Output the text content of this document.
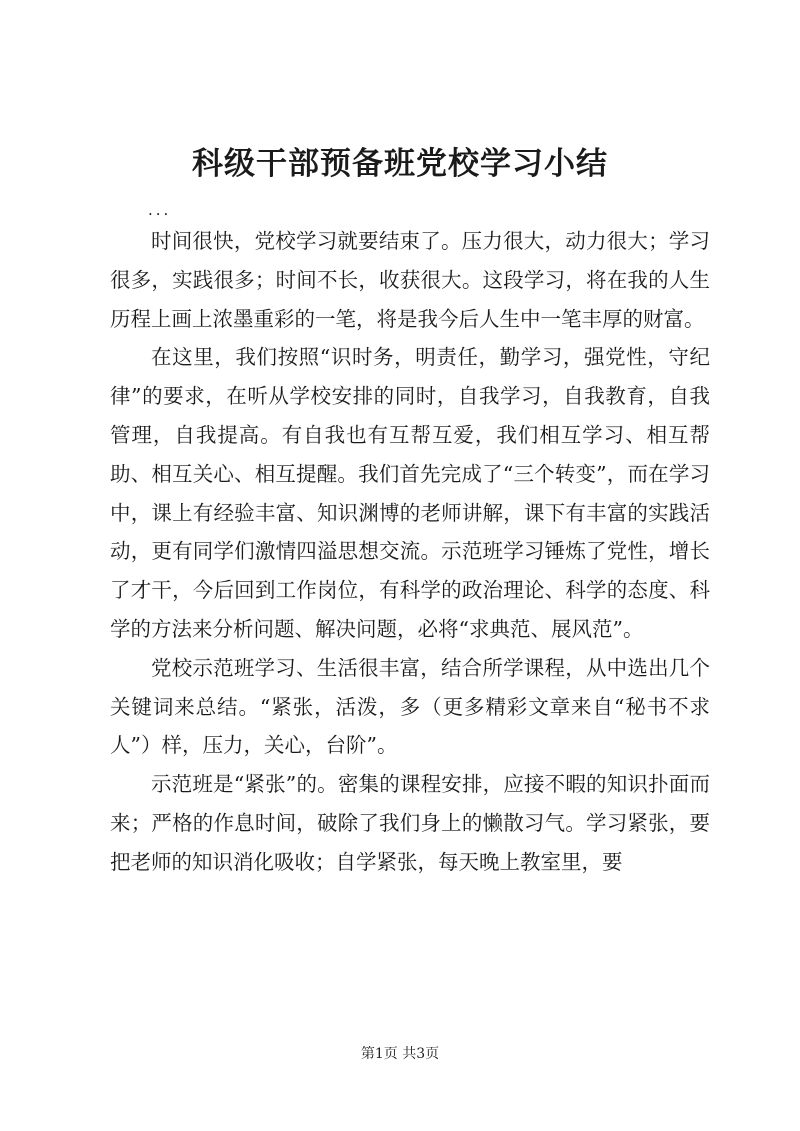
科级干部预备班党校学习小结
...

时间很快，党校学习就要结束了。压力很大，动力很大；学习很多，实践很多；时间不长，收获很大。这段学习，将在我的人生历程上画上浓墨重彩的一笔，将是我今后人生中一笔丰厚的财富。

在这里，我们按照“识时务，明责任，勤学习，强党性，守纪律”的要求，在听从学校安排的同时，自我学习，自我教育，自我管理，自我提高。有自我也有互帮互爱，我们相互学习、相互帮助、相互关心、相互提醒。我们首先完成了“三个转变”，而在学习中，课上有经验丰富、知识渊博的老师讲解，课下有丰富的实践活动，更有同学们激情四溢思想交流。示范班学习锤炼了党性，增长了才干，今后回到工作岗位，有科学的政治理论、科学的态度、科学的方法来分析问题、解决问题，必将“求典范、展风范”。

党校示范班学习、生活很丰富，结合所学课程，从中选出几个关键词来总结。“紧张，活泼，多（更多精彩文章来自“秘书不求人”）样，压力，关心，台阶”。

示范班是“紧张”的。密集的课程安排，应接不暇的知识扑面而来；严格的作息时间，破除了我们身上的懒散习气。学习紧张，要把老师的知识消化吸收；自学紧张，每天晚上教室里，要

第1页 共3页
